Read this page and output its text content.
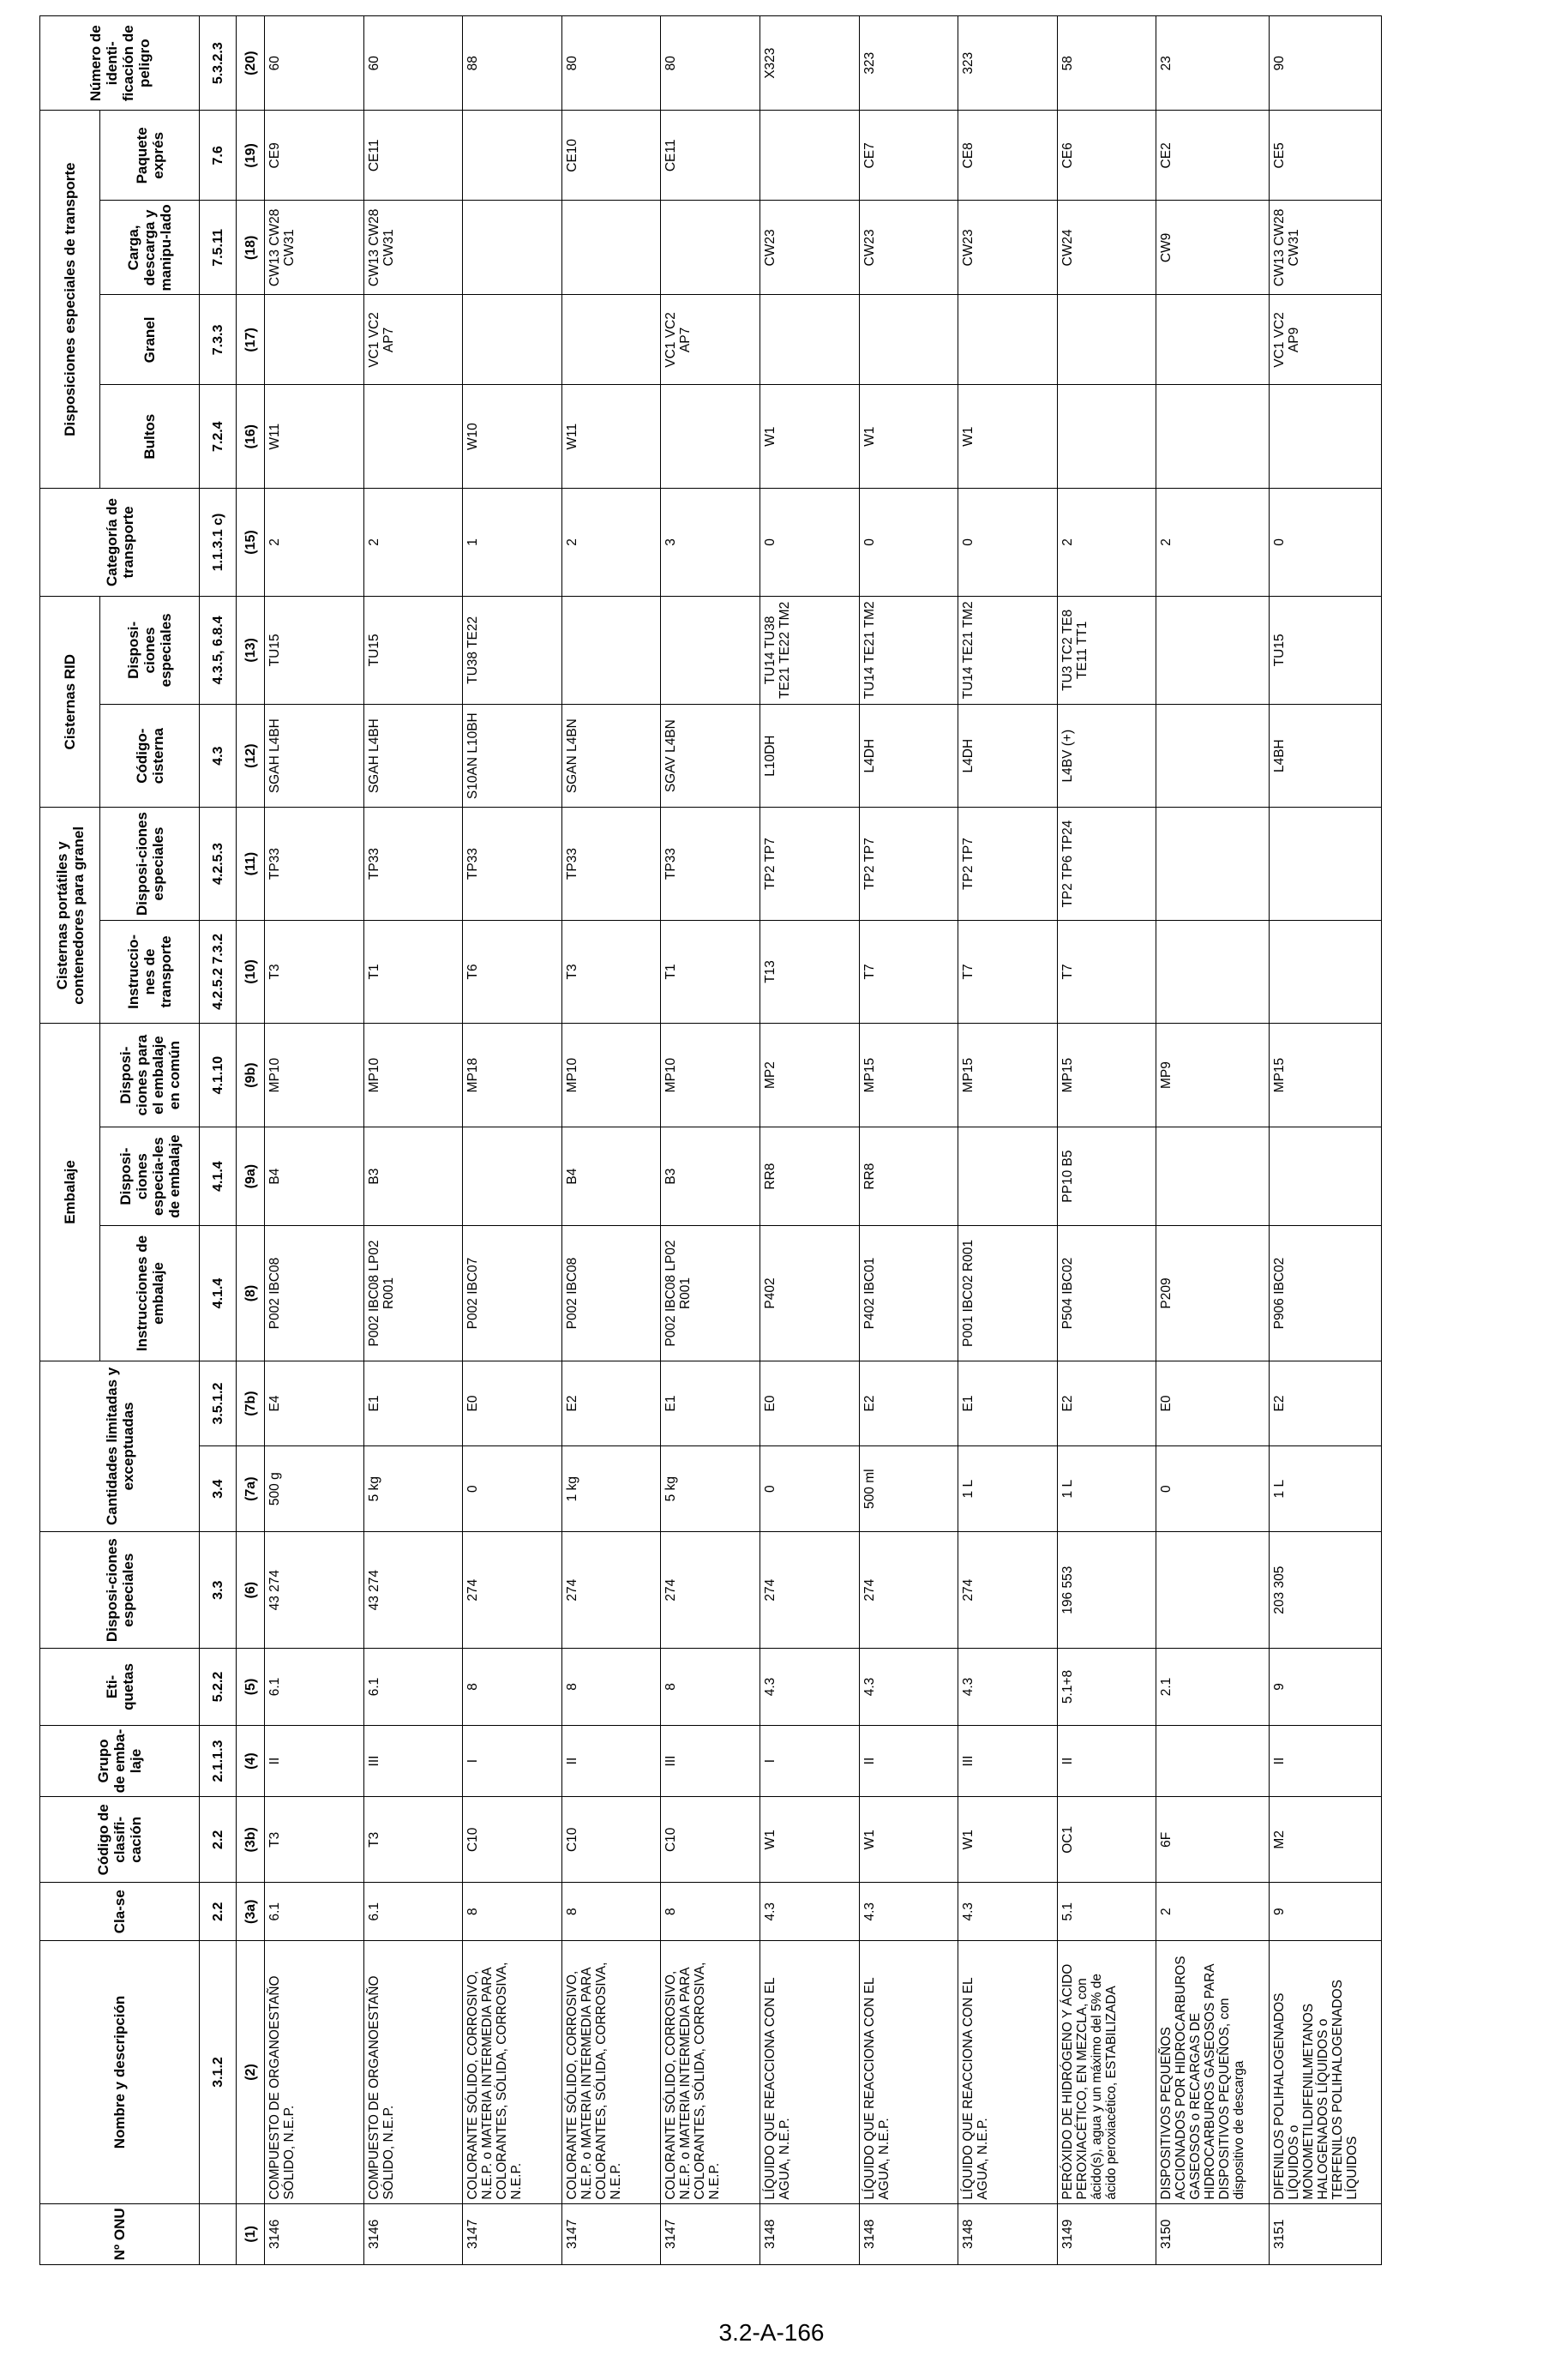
Nº ONU	Nombre y descripción	Cla-se	Código de clasifi-cación	Grupo de emba-laje	Eti-quetas	Disposi-ciones especiales	Cantidades limitadas y exceptuadas		Embalaje			Cisternas portátiles y contenedores para granel		Cisternas RID		Categoría de transporte	Disposiciones especiales de transporte				Número de identi-ficación de peligro
									Instrucciones de embalaje	Disposi-ciones especia-les de embalaje	Disposi-ciones para el embalaje en común	Instruccio-nes de transporte	Disposi-ciones especiales	Código-cisterna	Disposi-ciones especiales		Bultos	Granel	Carga, descarga y manipu-lado	Paquete exprés	
	3.1.2	2.2	2.2	2.1.1.3	5.2.2	3.3	3.4	3.5.1.2	4.1.4	4.1.4	4.1.10	4.2.5.2 7.3.2	4.2.5.3	4.3	4.3.5, 6.8.4	1.1.3.1 c)	7.2.4	7.3.3	7.5.11	7.6	5.3.2.3
(1)	(2)	(3a)	(3b)	(4)	(5)	(6)	(7a)	(7b)	(8)	(9a)	(9b)	(10)	(11)	(12)	(13)	(15)	(16)	(17)	(18)	(19)	(20)
3146	COMPUESTO DE ORGANOESTAÑO SÓLIDO, N.E.P.	6.1	T3	II	6.1	43 274	500 g	E4	P002 IBC08	B4	MP10	T3	TP33	SGAH L4BH	TU15	2	W11		CW13 CW28 CW31	CE9	60
3146	COMPUESTO DE ORGANOESTAÑO SÓLIDO, N.E.P.	6.1	T3	III	6.1	43 274	5 kg	E1	P002 IBC08 LP02 R001	B3	MP10	T1	TP33	SGAH L4BH	TU15	2		VC1 VC2 AP7	CW13 CW28 CW31	CE11	60
3147	COLORANTE SÓLIDO, CORROSIVO, N.E.P. o MATERIA INTERMEDIA PARA COLORANTES, SÓLIDA, CORROSIVA, N.E.P.	8	C10	I	8	274	0	E0	P002 IBC07		MP18	T6	TP33	S10AN L10BH	TU38 TE22	1	W10				88
3147	COLORANTE SÓLIDO, CORROSIVO, N.E.P. o MATERIA INTERMEDIA PARA COLORANTES, SÓLIDA, CORROSIVA, N.E.P.	8	C10	II	8	274	1 kg	E2	P002 IBC08	B4	MP10	T3	TP33	SGAN L4BN		2	W11			CE10	80
3147	COLORANTE SÓLIDO, CORROSIVO, N.E.P. o MATERIA INTERMEDIA PARA COLORANTES, SÓLIDA, CORROSIVA, N.E.P.	8	C10	III	8	274	5 kg	E1	P002 IBC08 LP02 R001	B3	MP10	T1	TP33	SGAV L4BN		3		VC1 VC2 AP7		CE11	80
3148	LÍQUIDO QUE REACCIONA CON EL AGUA, N.E.P.	4.3	W1	I	4.3	274	0	E0	P402	RR8	MP2	T13	TP2 TP7	L10DH	TU14 TU38 TE21 TE22 TM2	0	W1		CW23		X323
3148	LÍQUIDO QUE REACCIONA CON EL AGUA, N.E.P.	4.3	W1	II	4.3	274	500 ml	E2	P402 IBC01	RR8	MP15	T7	TP2 TP7	L4DH	TU14 TE21 TM2	0	W1		CW23	CE7	323
3148	LÍQUIDO QUE REACCIONA CON EL AGUA, N.E.P.	4.3	W1	III	4.3	274	1 L	E1	P001 IBC02 R001		MP15	T7	TP2 TP7	L4DH	TU14 TE21 TM2	0	W1		CW23	CE8	323
3149	PERÓXIDO DE HIDRÓGENO Y ÁCIDO PEROXIACÉTICO, EN MEZCLA, con ácido(s), agua y un máximo del 5% de ácido peroxiacético, ESTABILIZADA	5.1	OC1	II	5.1+8	196 553	1 L	E2	P504 IBC02	PP10 B5	MP15	T7	TP2 TP6 TP24	L4BV (+)	TU3 TC2 TE8 TE11 TT1	2			CW24	CE6	58
3150	DISPOSITIVOS PEQUEÑOS ACCIONADOS POR HIDROCARBUROS GASEOSOS o RECARGAS DE HIDROCARBUROS GASEOSOS PARA DISPOSITIVOS PEQUEÑOS, con dispositivo de descarga	2	6F		2.1		0	E0	P209		MP9					2			CW9	CE2	23
3151	DIFENILOS POLIHALOGENADOS LÍQUIDOS o MONOMETILDIFENILMETANOS HALOGENADOS LÍQUIDOS o TERFENILOS POLIHALOGENADOS LÍQUIDOS	9	M2	II	9	203 305	1 L	E2	P906 IBC02		MP15			L4BH	TU15	0		VC1 VC2 AP9	CW13 CW28 CW31	CE5	90
3.2-A-166
